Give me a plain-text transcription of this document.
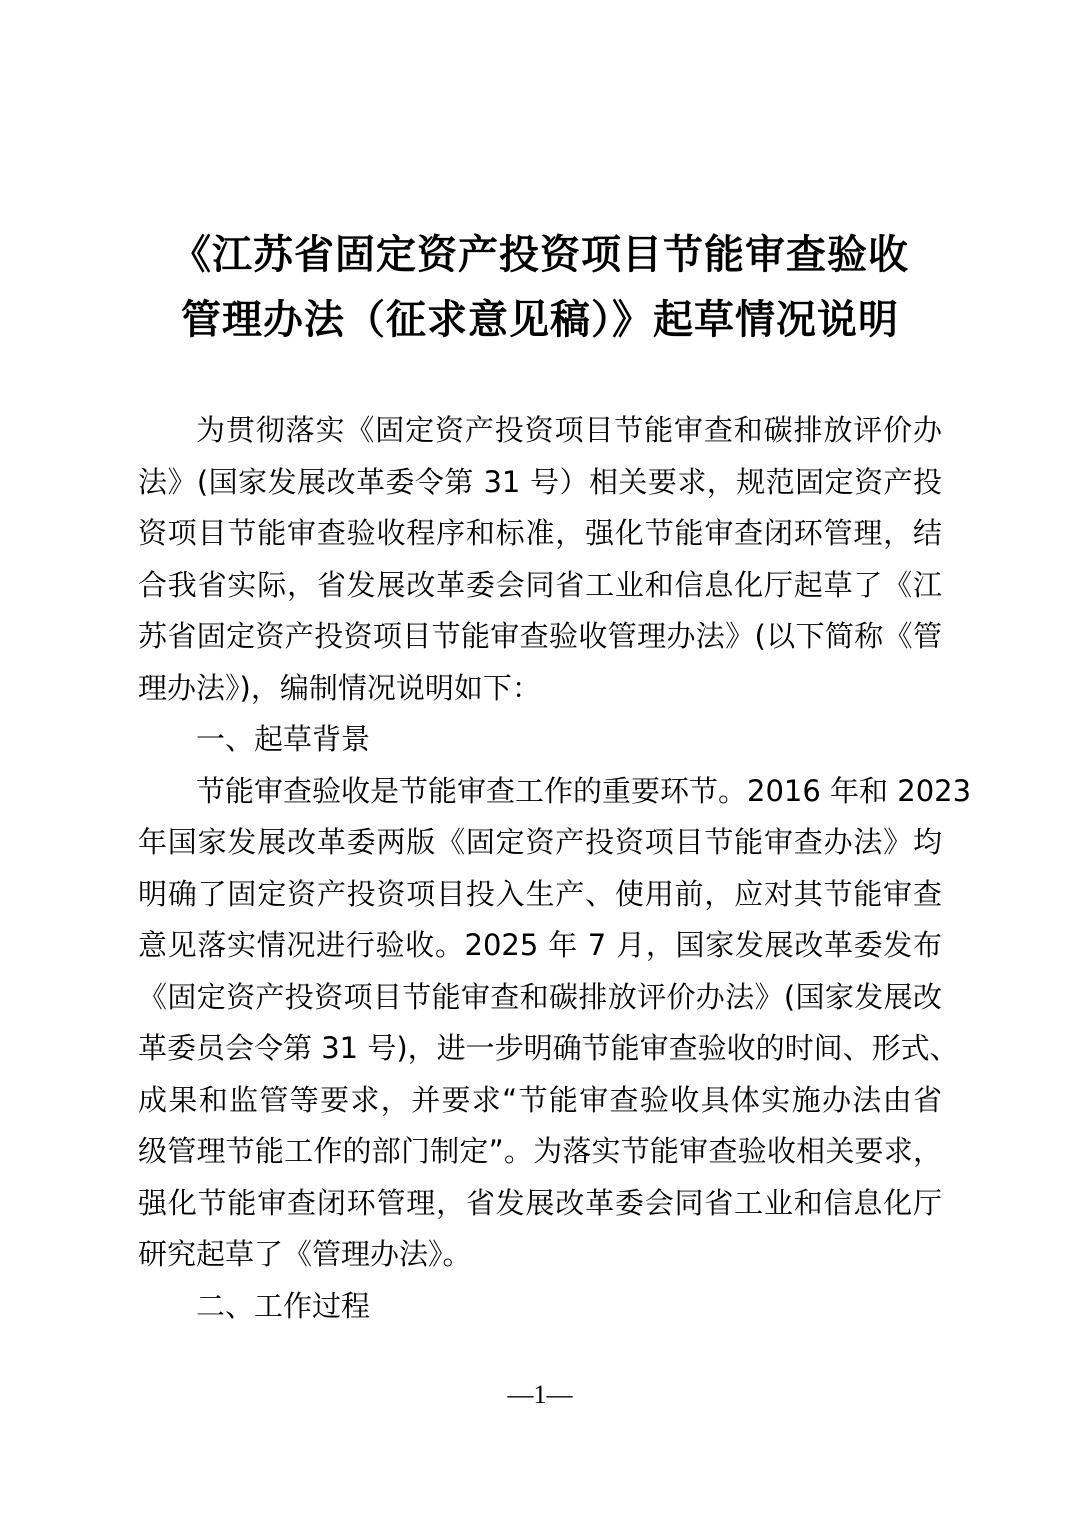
《江苏省固定资产投资项目节能审查验收
管理办法（征求意见稿）》起草情况说明
为贯彻落实《固定资产投资项目节能审查和碳排放评价办
法》(国家发展改革委令第 31 号）相关要求，规范固定资产投
资项目节能审查验收程序和标准，强化节能审查闭环管理，结
合我省实际，省发展改革委会同省工业和信息化厅起草了《江
苏省固定资产投资项目节能审查验收管理办法》(以下简称《管
理办法》)，编制情况说明如下：
一、起草背景
节能审查验收是节能审查工作的重要环节。2016 年和 2023
年国家发展改革委两版《固定资产投资项目节能审查办法》均
明确了固定资产投资项目投入生产、使用前，应对其节能审查
意见落实情况进行验收。2025 年 7 月，国家发展改革委发布
《固定资产投资项目节能审查和碳排放评价办法》(国家发展改
革委员会令第 31 号)，进一步明确节能审查验收的时间、形式、
成果和监管等要求，并要求“节能审查验收具体实施办法由省
级管理节能工作的部门制定”。为落实节能审查验收相关要求，
强化节能审查闭环管理，省发展改革委会同省工业和信息化厅
研究起草了《管理办法》。
二、工作过程
—1—
